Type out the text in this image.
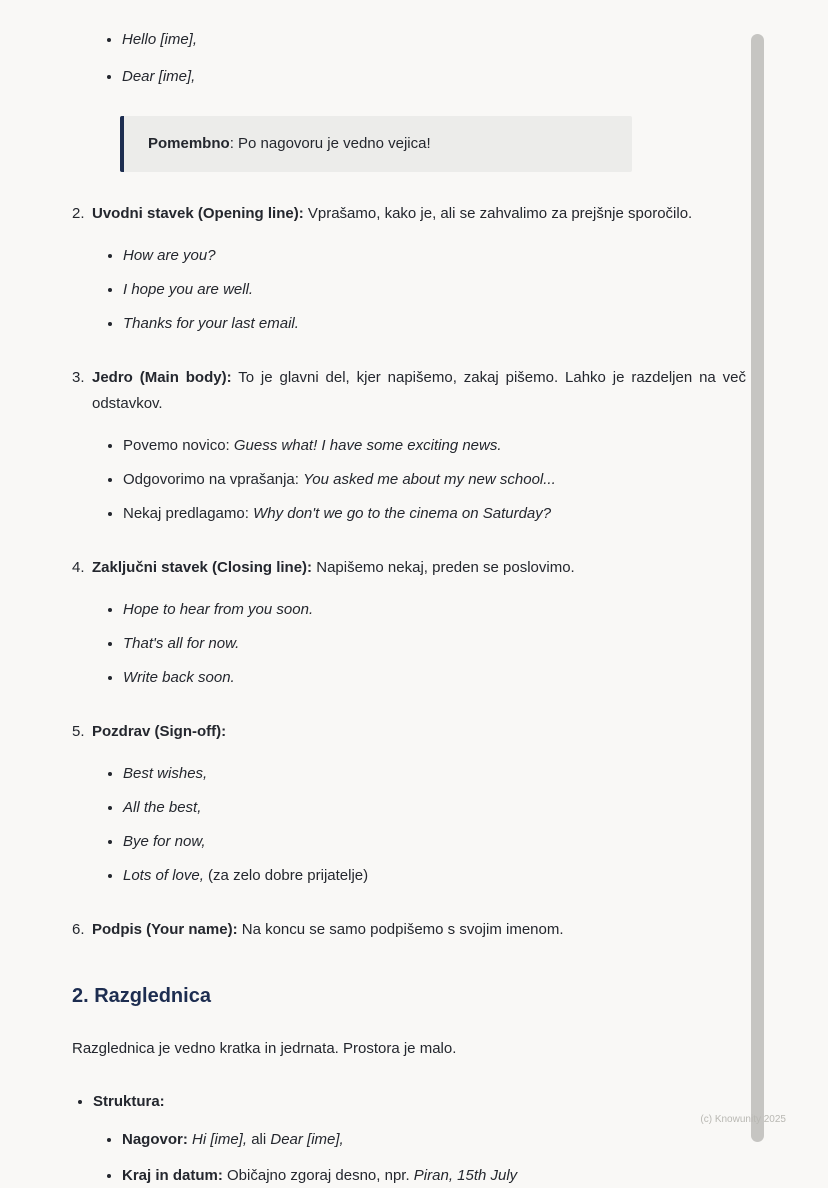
• Hello [ime],
• Dear [ime],

Pomembno: Po nagovoru je vedno vejica!

2. Uvodni stavek (Opening line): Vprašamo, kako je, ali se zahvalimo za prejšnje sporočilo.

• How are you?
• I hope you are well.
• Thanks for your last email.
3. Jedro (Main body): To je glavni del, kjer napišemo, zakaj pišemo. Lahko je razdeljen na več odstavkov.

• Povemo novico: Guess what! I have some exciting news.
• Odgovorimo na vprašanja: You asked me about my new school...
• Nekaj predlagamo: Why don't we go to the cinema on Saturday?
4. Zaključni stavek (Closing line): Napišemo nekaj, preden se poslovimo.

• Hope to hear from you soon.
• That's all for now.
• Write back soon.
5. Pozdrav (Sign-off):

• Best wishes,
• All the best,
• Bye for now,
• Lots of love, (za zelo dobre prijatelje)
6. Podpis (Your name): Na koncu se samo podpišemo s svojim imenom.

2. Razglednica

Razglednica je vedno kratka in jedrnata. Prostora je malo.

• Struktura:
• Nagovor: Hi [ime], ali Dear [ime],
• Kraj in datum: Običajno zgoraj desno, npr. Piran, 15th July
(c) Knowunity 2025
